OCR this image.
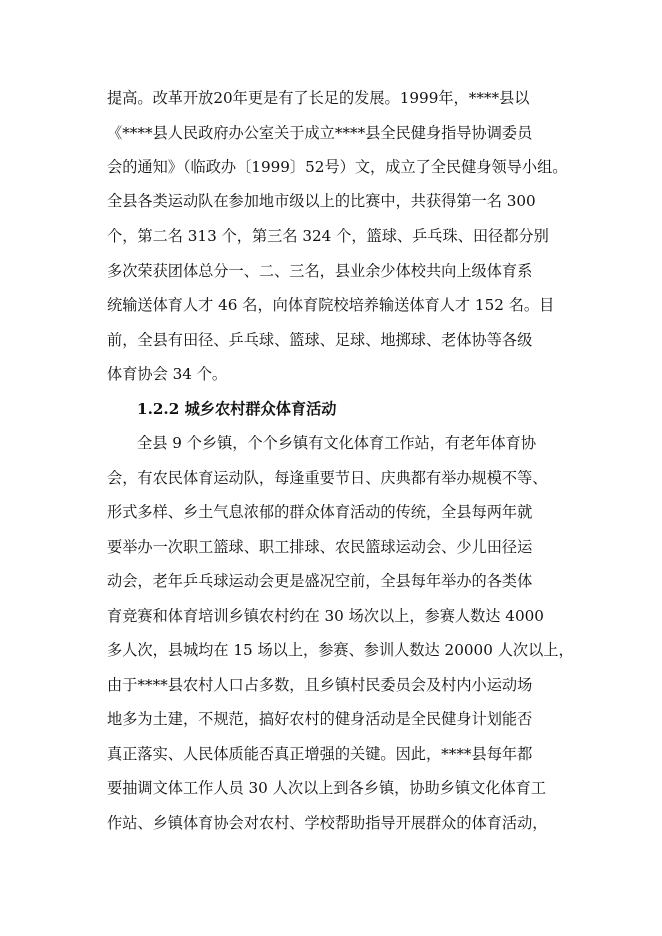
提高。改革开放20年更是有了长足的发展。1999年，****县以
《****县人民政府办公室关于成立****县全民健身指导协调委员
会的通知》（临政办〔1999〕52号）文，成立了全民健身领导小组。
全县各类运动队在参加地市级以上的比赛中，共获得第一名 300
个，第二名 313 个，第三名 324 个，篮球、乒乓珠、田径都分别
多次荣获团体总分一、二、三名，县业余少体校共向上级体育系
统输送体育人才 46 名，向体育院校培养输送体育人才 152 名。目
前，全县有田径、乒乓球、篮球、足球、地掷球、老体协等各级
体育协会 34 个。
1.2.2 城乡农村群众体育活动
全县 9 个乡镇，个个乡镇有文化体育工作站，有老年体育协
会，有农民体育运动队，每逢重要节日、庆典都有举办规模不等、
形式多样、乡土气息浓郁的群众体育活动的传统，全县每两年就
要举办一次职工篮球、职工排球、农民篮球运动会、少儿田径运
动会，老年乒乓球运动会更是盛况空前，全县每年举办的各类体
育竞赛和体育培训乡镇农村约在 30 场次以上，参赛人数达 4000
多人次，县城均在 15 场以上，参赛、参训人数达 20000 人次以上，
由于****县农村人口占多数，且乡镇村民委员会及村内小运动场
地多为土建，不规范，搞好农村的健身活动是全民健身计划能否
真正落实、人民体质能否真正增强的关键。因此，****县每年都
要抽调文体工作人员 30 人次以上到各乡镇，协助乡镇文化体育工
作站、乡镇体育协会对农村、学校帮助指导开展群众的体育活动，
